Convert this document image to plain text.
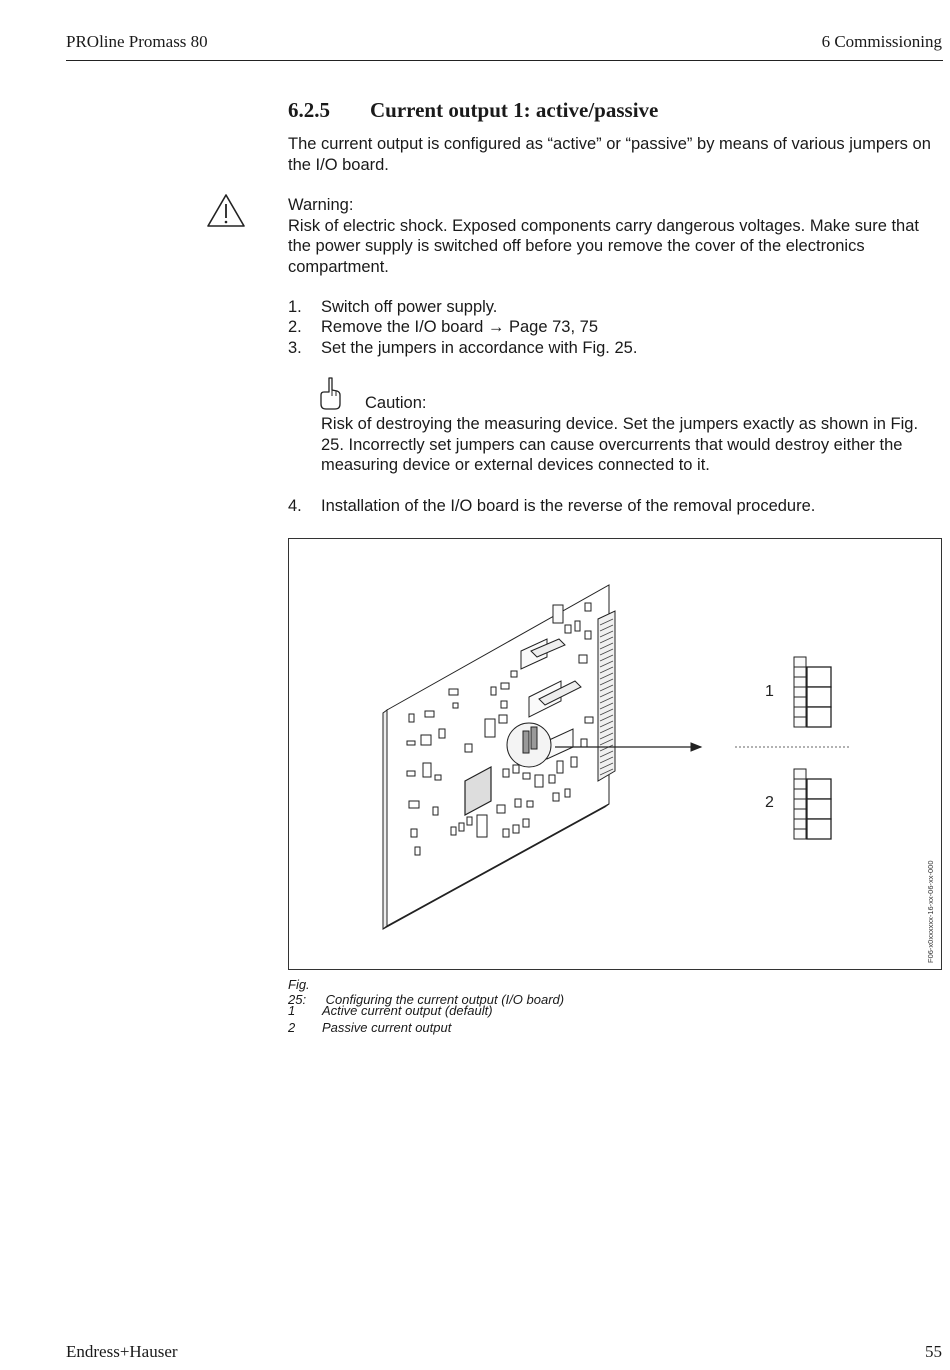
PROline Promass 80	6 Commissioning
6.2.5 Current output 1: active/passive
The current output is configured as “active” or “passive” by means of various jumpers on the I/O board.
Warning:
Risk of electric shock. Exposed components carry dangerous voltages. Make sure that the power supply is switched off before you remove the cover of the electronics compartment.
1. Switch off power supply.
2. Remove the I/O board → Page 73, 75
3. Set the jumpers in accordance with Fig. 25.
Caution:
Risk of destroying the measuring device. Set the jumpers exactly as shown in Fig. 25. Incorrectly set jumpers can cause overcurrents that would destroy either the measuring device or external devices connected to it.
4. Installation of the I/O board is the reverse of the removal procedure.
1
2
F06-x0xxxxxx-16-xx-06-xx-000
Fig. 25: Configuring the current output (I/O board)
1 Active current output (default)
2 Passive current output
Endress+Hauser	55
